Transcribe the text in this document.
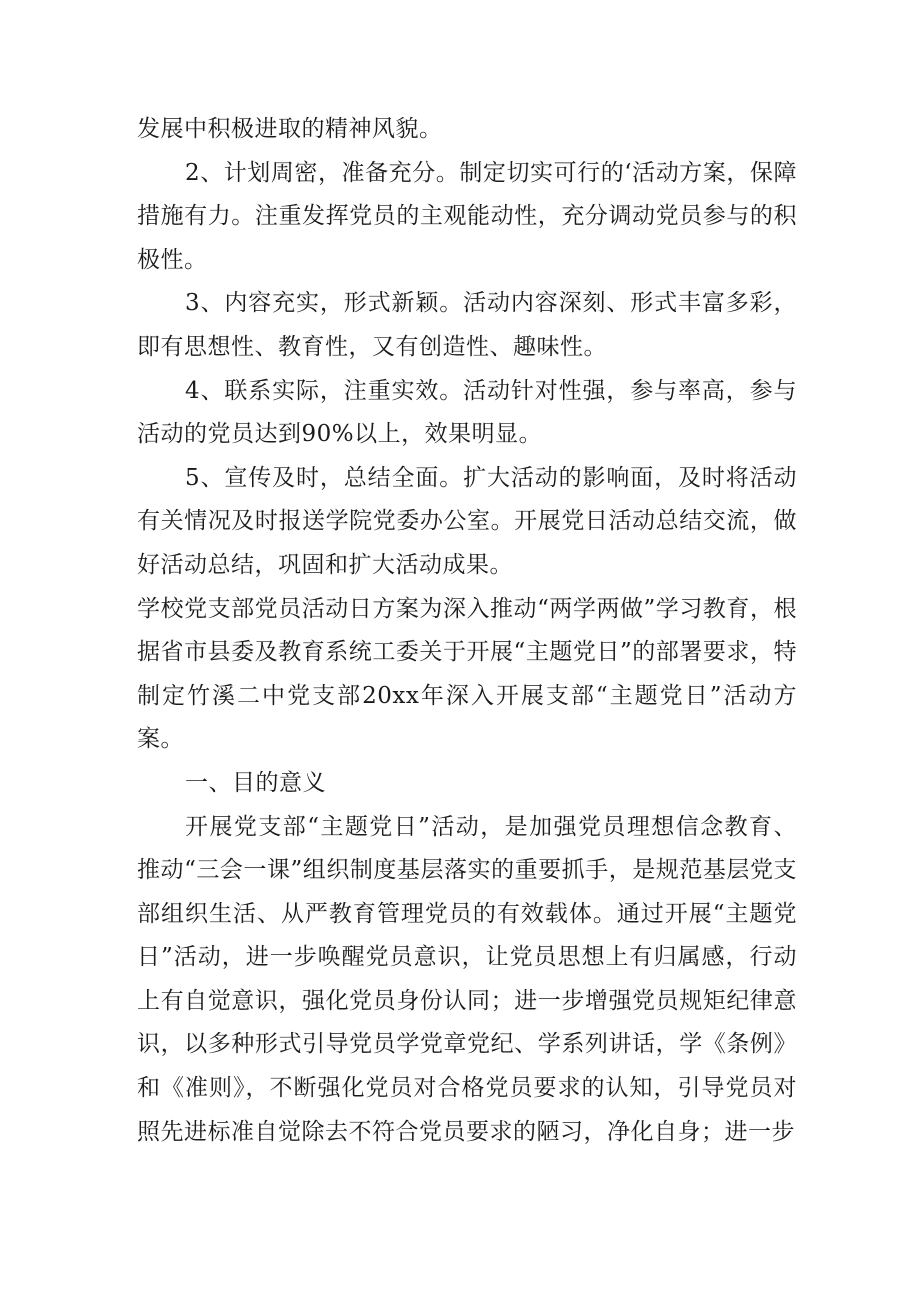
发展中积极进取的精神风貌。

2、计划周密，准备充分。制定切实可行的‘活动方案，保障措施有力。注重发挥党员的主观能动性，充分调动党员参与的积极性。

3、内容充实，形式新颖。活动内容深刻、形式丰富多彩，即有思想性、教育性，又有创造性、趣味性。

4、联系实际，注重实效。活动针对性强，参与率高，参与活动的党员达到90%以上，效果明显。

5、宣传及时，总结全面。扩大活动的影响面，及时将活动有关情况及时报送学院党委办公室。开展党日活动总结交流，做好活动总结，巩固和扩大活动成果。

学校党支部党员活动日方案为深入推动“两学两做”学习教育，根据省市县委及教育系统工委关于开展“主题党日”的部署要求，特制定竹溪二中党支部20xx年深入开展支部“主题党日”活动方案。

一、目的意义

开展党支部“主题党日”活动，是加强党员理想信念教育、推动“三会一课”组织制度基层落实的重要抓手，是规范基层党支部组织生活、从严教育管理党员的有效载体。通过开展“主题党日”活动，进一步唤醒党员意识，让党员思想上有归属感，行动上有自觉意识，强化党员身份认同；进一步增强党员规矩纪律意识，以多种形式引导党员学党章党纪、学系列讲话，学《条例》和《准则》，不断强化党员对合格党员要求的认知，引导党员对照先进标准自觉除去不符合党员要求的陋习，净化自身；进一步
